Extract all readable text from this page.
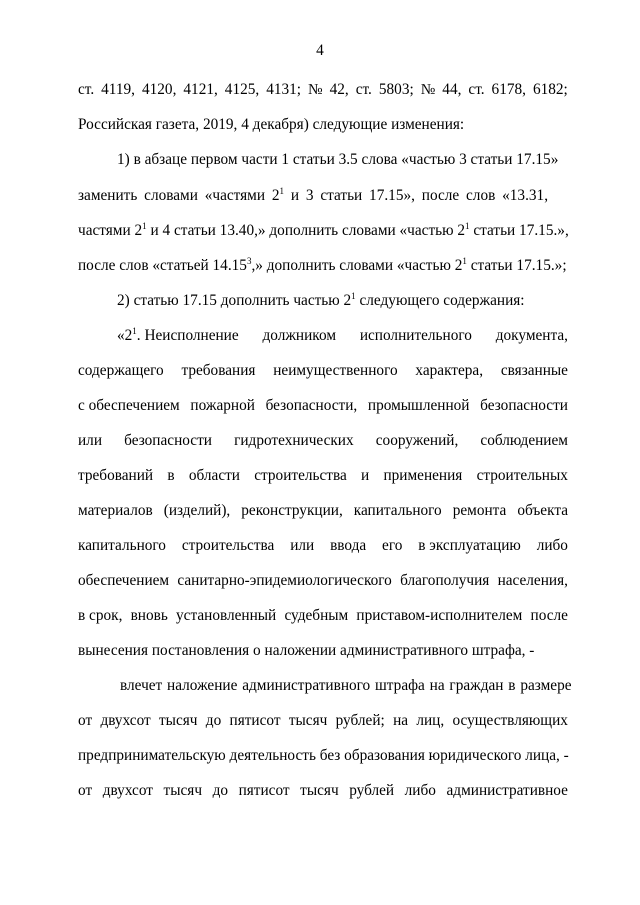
4
ст. 4119, 4120, 4121, 4125, 4131; № 42, ст. 5803; № 44, ст. 6178, 6182;
Российская газета, 2019, 4 декабря) следующие изменения:
1) в абзаце первом части 1 статьи 3.5 слова «частью 3 статьи 17.15»
заменить словами «частями $2^1$ и 3 статьи 17.15», после слов «13.31,
частями $2^1$ и 4 статьи 13.40,» дополнить словами «частью $2^1$ статьи 17.15.»,
после слов «статьей 14.15$^3$,» дополнить словами «частью $2^1$ статьи 17.15.»;
2) статью 17.15 дополнить частью $2^1$ следующего содержания:
«$2^1$. Неисполнение должником исполнительного документа,
содержащего требования неимущественного характера, связанные
с обеспечением пожарной безопасности, промышленной безопасности
или безопасности гидротехнических сооружений, соблюдением
требований в области строительства и применения строительных
материалов (изделий), реконструкции, капитального ремонта объекта
капитального строительства или ввода его в эксплуатацию либо
обеспечением санитарно-эпидемиологического благополучия населения,
в срок, вновь установленный судебным приставом-исполнителем после
вынесения постановления о наложении административного штрафа, -
влечет наложение административного штрафа на граждан в размере
от двухсот тысяч до пятисот тысяч рублей; на лиц, осуществляющих
предпринимательскую деятельность без образования юридического лица, -
от двухсот тысяч до пятисот тысяч рублей либо административное
